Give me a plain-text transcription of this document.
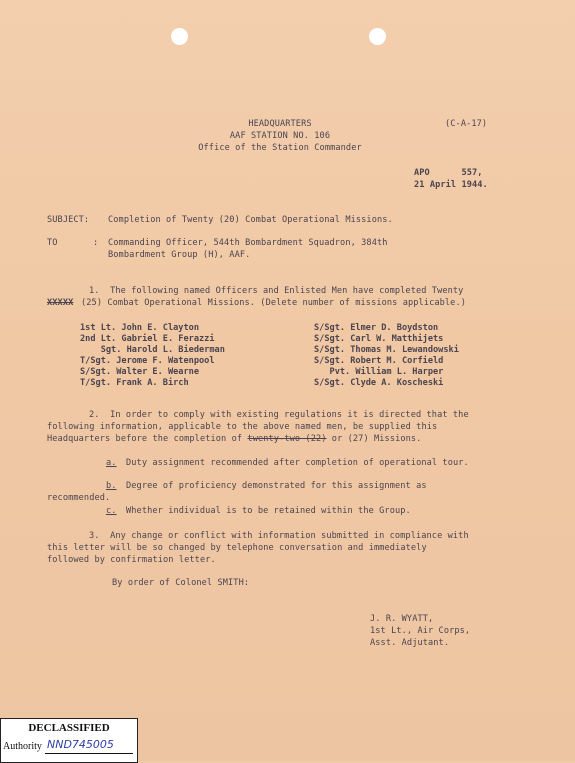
HEADQUARTERS
AAF STATION NO. 106
Office of the Station Commander
(C-A-17)
APO      557,
21 April 1944.
SUBJECT: Completion of Twenty (20) Combat Operational Missions.
TO	: Commanding Officer, 544th Bombardment Squadron, 384th
Bombardment Group (H), AAF.
1.  The following named Officers and Enlisted Men have completed Twenty
XXXXX (25) Combat Operational Missions. (Delete number of missions applicable.)
1st Lt. John E. Clayton
2nd Lt. Gabriel E. Ferazzi
Sgt. Harold L. Biederman
T/Sgt. Jerome F. Watenpool
S/Sgt. Walter E. Wearne
T/Sgt. Frank A. Birch
S/Sgt. Elmer D. Boydston
S/Sgt. Carl W. Matthijets
S/Sgt. Thomas M. Lewandowski
S/Sgt. Robert M. Corfield
Pvt. William L. Harper
S/Sgt. Clyde A. Koscheski
2.  In order to comply with existing regulations it is directed that the
following information, applicable to the above named men, be supplied this
Headquarters before the completion of twenty-two (22) or (27) Missions.
a. Duty assignment recommended after completion of operational tour.
b. Degree of proficiency demonstrated for this assignment as
recommended.
c. Whether individual is to be retained within the Group.
3.  Any change or conflict with information submitted in compliance with
this letter will be so changed by telephone conversation and immediately
followed by confirmation letter.
By order of Colonel SMITH:
J. R. WYATT,
1st Lt., Air Corps,
Asst. Adjutant.
DECLASSIFIED
Authority NND745005
